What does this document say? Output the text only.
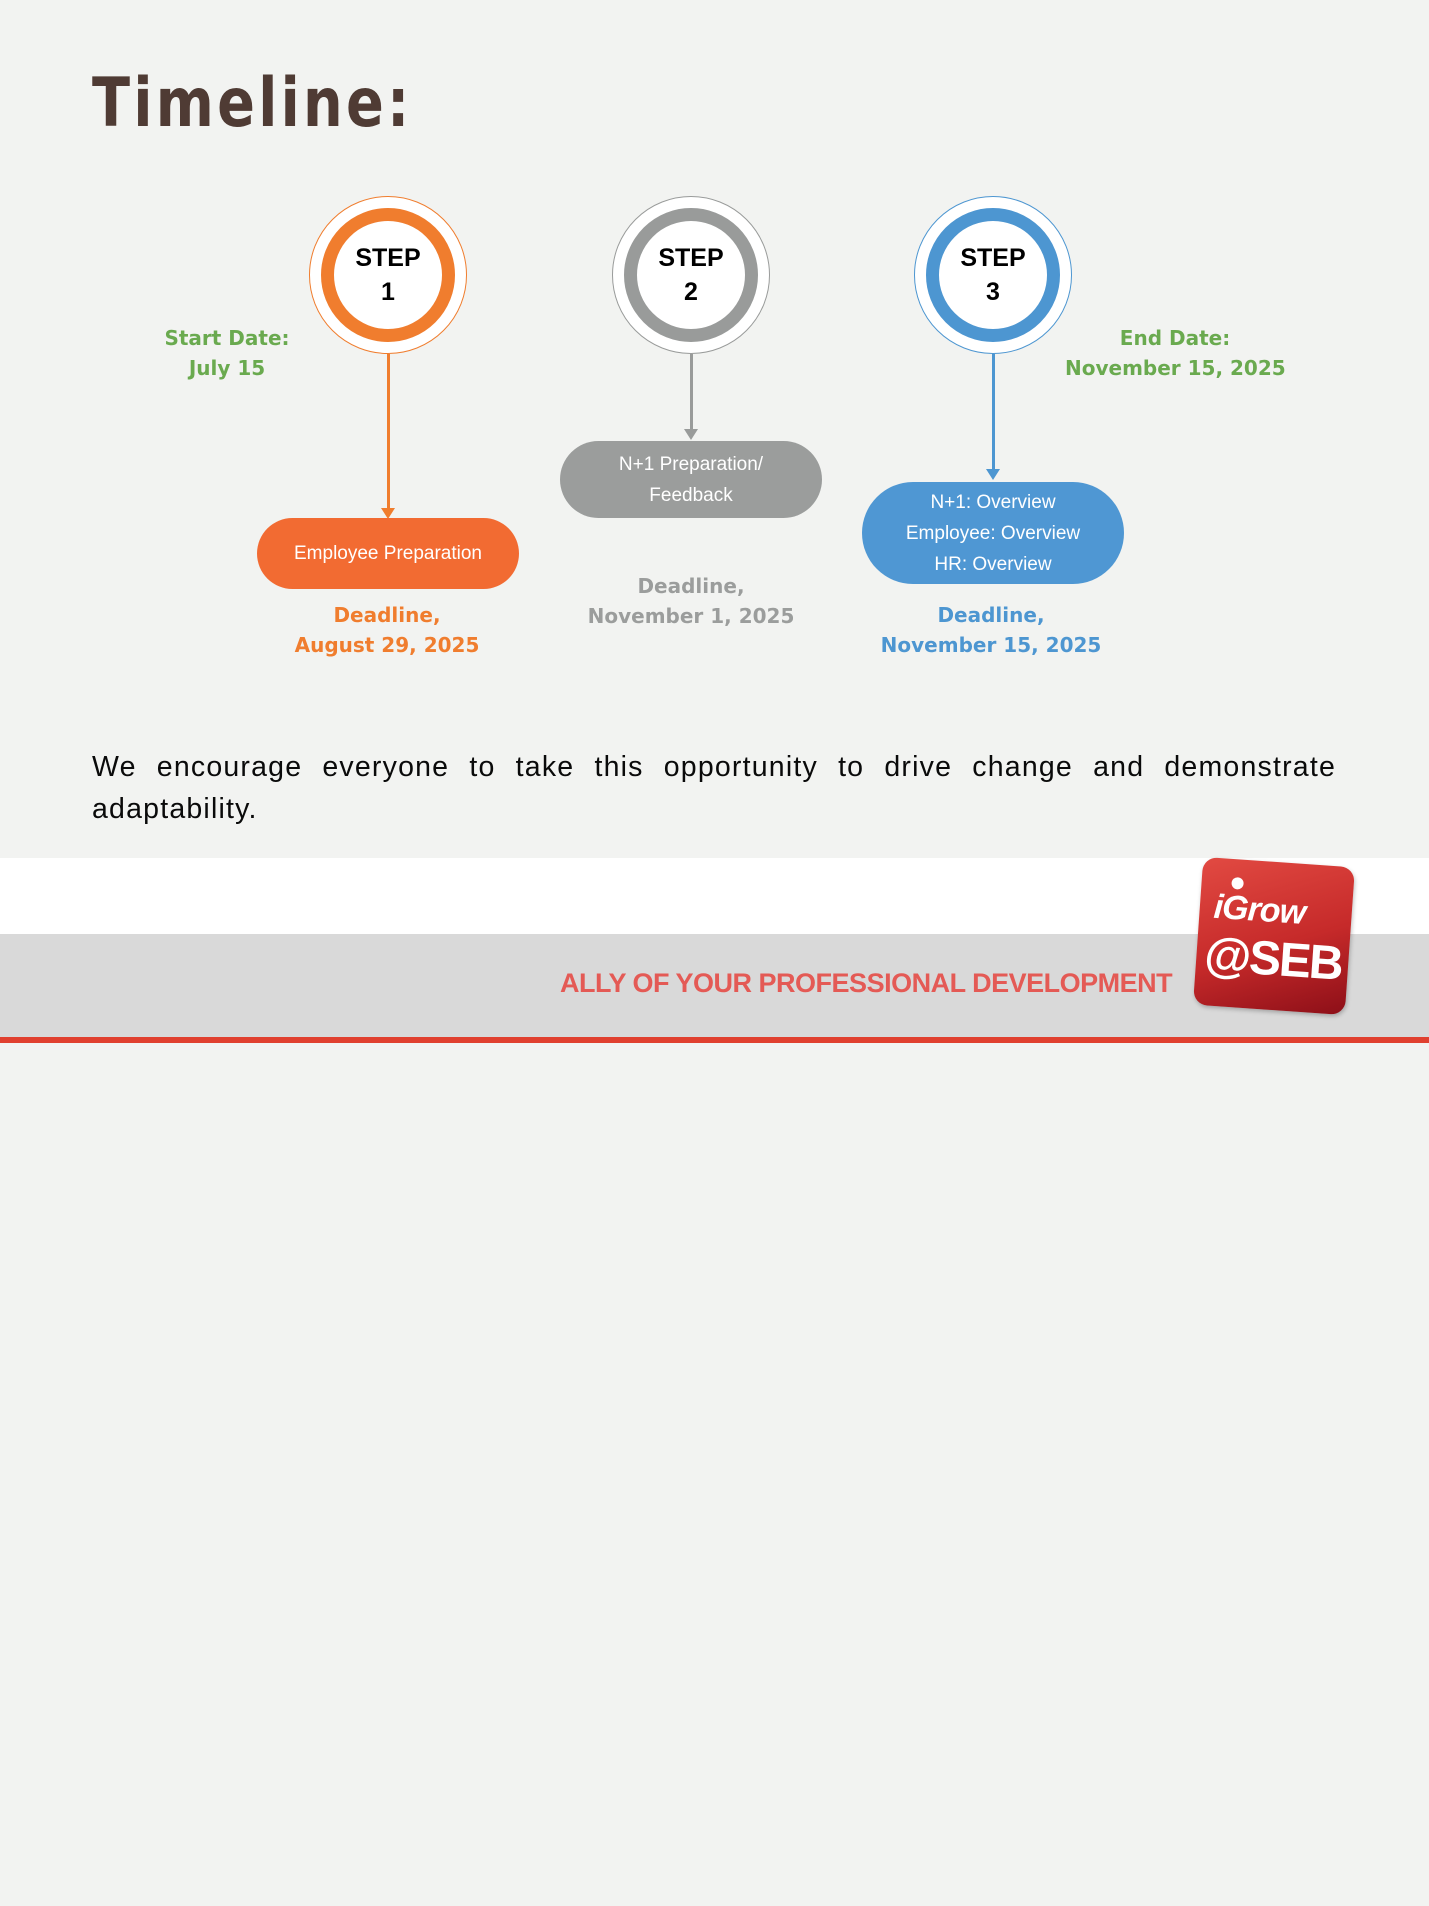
Timeline:
Start Date:
July 15
End Date:
November 15, 2025
STEP
1
Employee Preparation
Deadline,
August 29, 2025
STEP
2
N+1 Preparation/
Feedback
Deadline,
November 1, 2025
STEP
3
N+1: Overview
Employee: Overview
HR: Overview
Deadline,
November 15, 2025
We encourage everyone to take this opportunity to drive change and demonstrate adaptability.
ALLY OF YOUR PROFESSIONAL DEVELOPMENT
iGrow
@SEB
